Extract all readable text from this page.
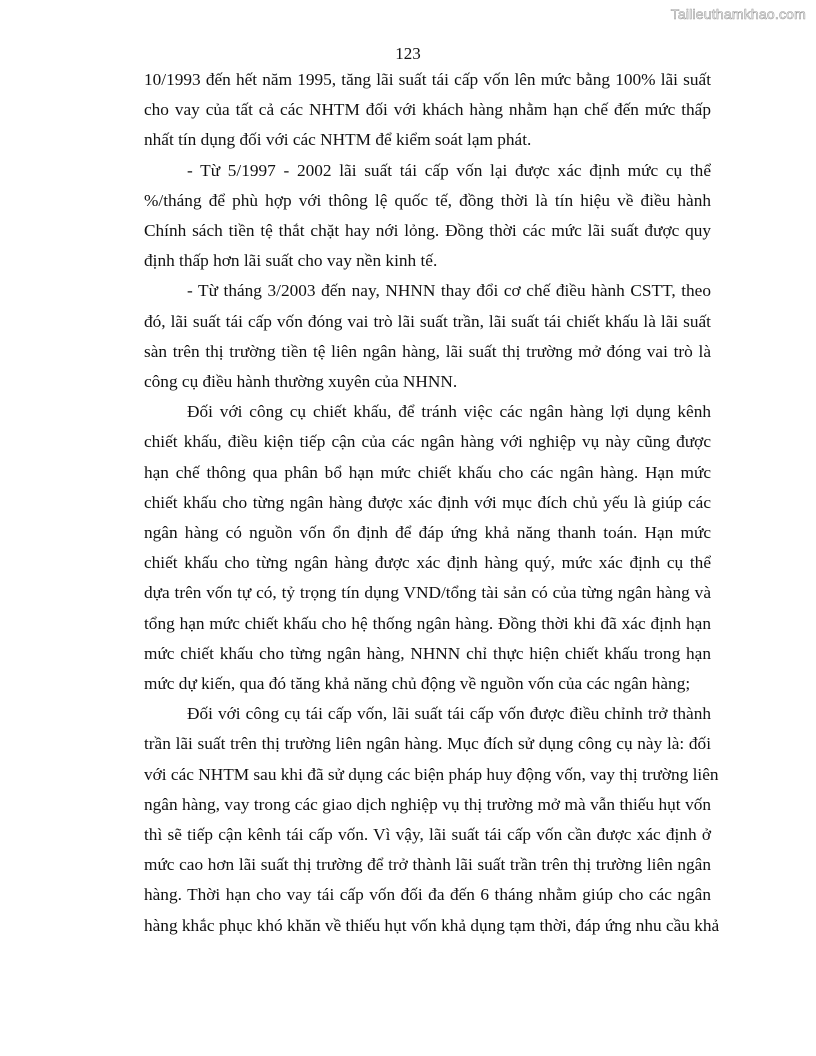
Tailieuthamkhao.com
123
10/1993 đến hết năm 1995, tăng lãi suất tái cấp vốn lên mức bằng 100% lãi suất
cho vay của tất cả các NHTM đối với khách hàng nhằm hạn chế đến mức thấp
nhất tín dụng đối với các NHTM để kiểm soát lạm phát.
- Từ 5/1997 - 2002 lãi suất tái cấp vốn lại được xác định mức cụ thể
%/tháng để phù hợp với thông lệ quốc tế, đồng thời là tín hiệu về điều hành
Chính sách tiền tệ thắt chặt hay nới lỏng. Đồng thời các mức lãi suất được quy
định thấp hơn lãi suất cho vay nền kinh tế.
- Từ tháng 3/2003 đến nay, NHNN thay đổi cơ chế điều hành CSTT, theo
đó, lãi suất tái cấp vốn đóng vai trò lãi suất trần, lãi suất tái chiết khấu là lãi suất
sàn trên thị trường tiền tệ liên ngân hàng, lãi suất thị trường mở đóng vai trò là
công cụ điều hành thường xuyên của NHNN.
Đối với công cụ chiết khấu, để tránh việc các ngân hàng lợi dụng kênh
chiết khấu, điều kiện tiếp cận của các ngân hàng với nghiệp vụ này cũng được
hạn chế thông qua phân bổ hạn mức chiết khấu cho các ngân hàng. Hạn mức
chiết khấu cho từng ngân hàng được xác định với mục đích chủ yếu là giúp các
ngân hàng có nguồn vốn ổn định để đáp ứng khả năng thanh toán. Hạn mức
chiết khấu cho từng ngân hàng được xác định hàng quý, mức xác định cụ thể
dựa trên vốn tự có, tỷ trọng tín dụng VND/tổng tài sản có của từng ngân hàng và
tổng hạn mức chiết khấu cho hệ thống ngân hàng. Đồng thời khi đã xác định hạn
mức chiết khấu cho từng ngân hàng, NHNN chỉ thực hiện chiết khấu trong hạn
mức dự kiến, qua đó tăng khả năng chủ động về nguồn vốn của các ngân hàng;
Đối với công cụ tái cấp vốn, lãi suất tái cấp vốn được điều chỉnh trở thành
trần lãi suất trên thị trường liên ngân hàng. Mục đích sử dụng công cụ này là: đối
với các NHTM sau khi đã sử dụng các biện pháp huy động vốn, vay thị trường liên
ngân hàng, vay trong các giao dịch nghiệp vụ thị trường mở mà vẫn thiếu hụt vốn
thì sẽ tiếp cận kênh tái cấp vốn. Vì vậy, lãi suất tái cấp vốn cần được xác định ở
mức cao hơn lãi suất thị trường để trở thành lãi suất trần trên thị trường liên ngân
hàng. Thời hạn cho vay tái cấp vốn đối đa đến 6 tháng nhằm giúp cho các ngân
hàng khắc phục khó khăn về thiếu hụt vốn khả dụng tạm thời, đáp ứng nhu cầu khả
